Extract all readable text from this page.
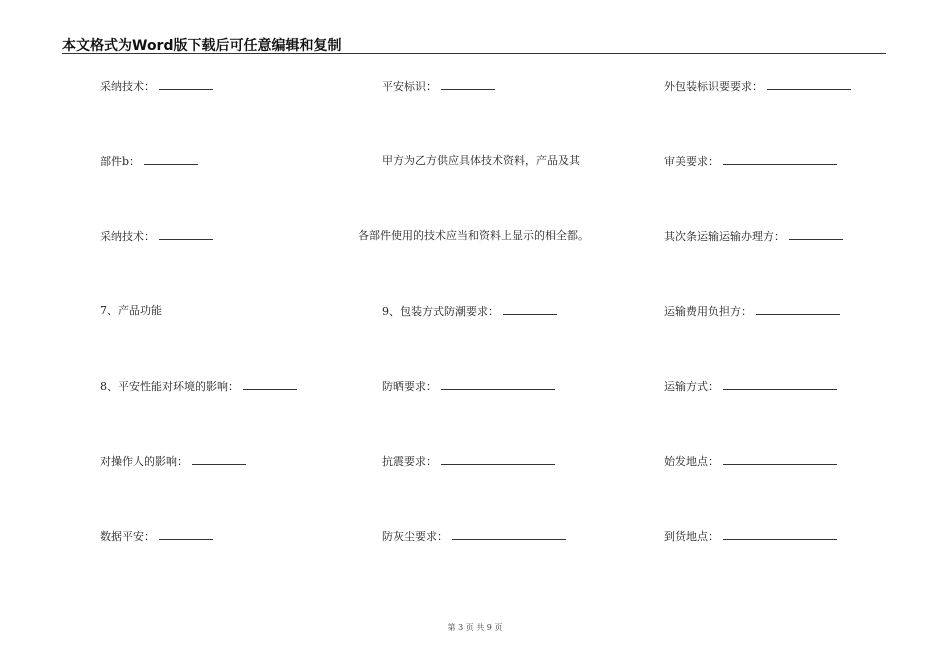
本文格式为Word版下载后可任意编辑和复制
采纳技术：	平安标识：	外包装标识要要求：
部件b：	甲方为乙方供应具体技术资料，产品及其	审美要求：
采纳技术：	各部件使用的技术应当和资料上显示的相全都。	其次条运输运输办理方：
7、产品功能	9、包装方式防潮要求：	运输费用负担方：
8、平安性能对环境的影响：	防晒要求：	运输方式：
对操作人的影响：	抗震要求：	始发地点：
数据平安：	防灰尘要求：	到货地点：
第 3 页 共 9 页
